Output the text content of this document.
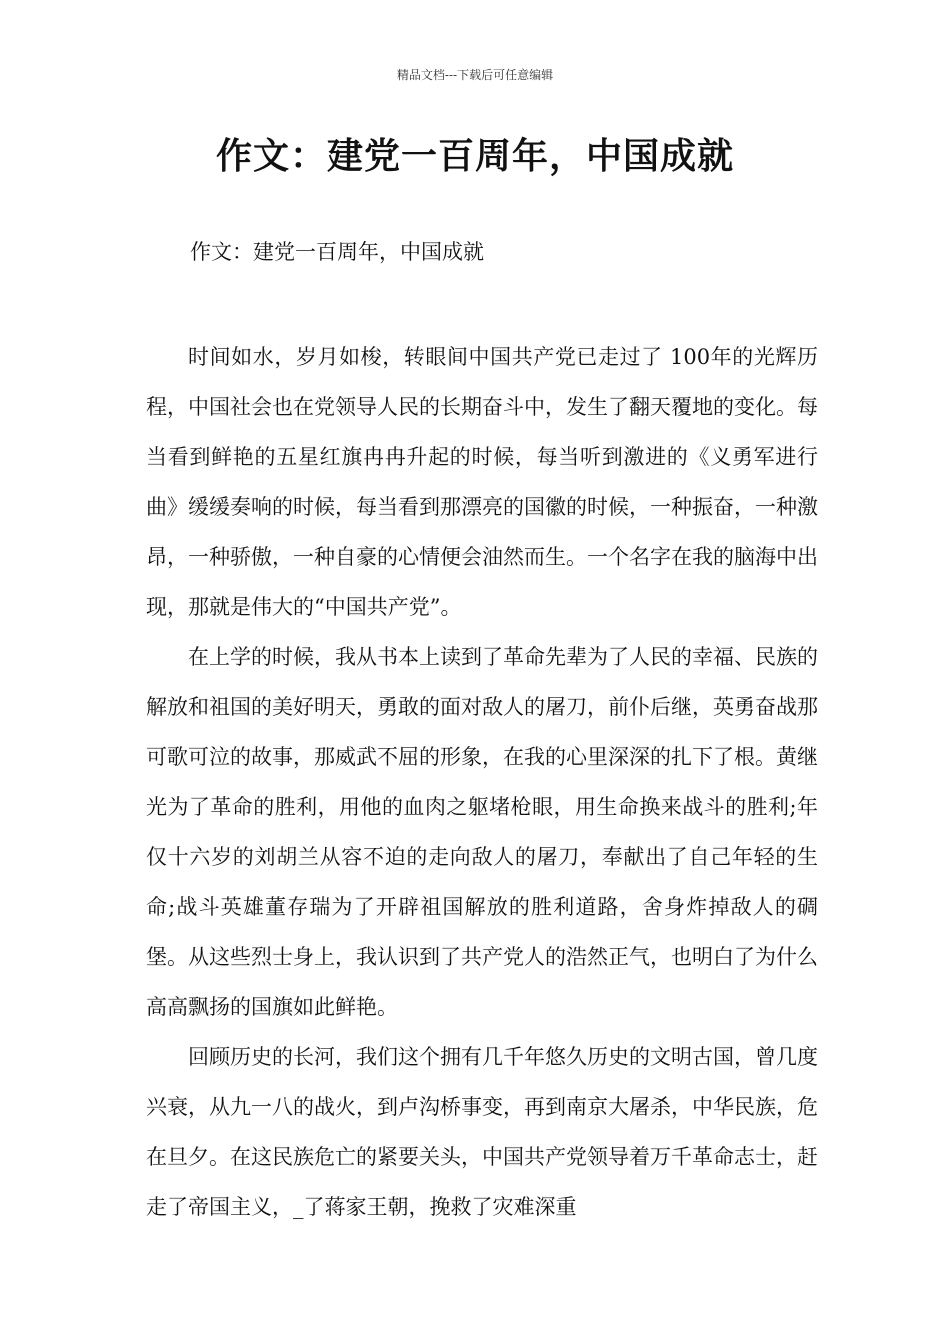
精品文档---下载后可任意编辑
作文：建党一百周年，中国成就

作文：建党一百周年，中国成就

时间如水，岁月如梭，转眼间中国共产党已走过了 100年的光辉历程，中国社会也在党领导人民的长期奋斗中，发生了翻天覆地的变化。每当看到鲜艳的五星红旗冉冉升起的时候，每当听到激进的《义勇军进行曲》缓缓奏响的时候，每当看到那漂亮的国徽的时候，一种振奋，一种激昂，一种骄傲，一种自豪的心情便会油然而生。一个名字在我的脑海中出现，那就是伟大的“中国共产党”。

在上学的时候，我从书本上读到了革命先辈为了人民的幸福、民族的解放和祖国的美好明天，勇敢的面对敌人的屠刀，前仆后继，英勇奋战那可歌可泣的故事，那威武不屈的形象，在我的心里深深的扎下了根。黄继光为了革命的胜利，用他的血肉之躯堵枪眼，用生命换来战斗的胜利;年仅十六岁的刘胡兰从容不迫的走向敌人的屠刀，奉献出了自己年轻的生命;战斗英雄董存瑞为了开辟祖国解放的胜利道路，舍身炸掉敌人的碉堡。从这些烈士身上，我认识到了共产党人的浩然正气，也明白了为什么高高飘扬的国旗如此鲜艳。

回顾历史的长河，我们这个拥有几千年悠久历史的文明古国，曾几度兴衰，从九一八的战火，到卢沟桥事变，再到南京大屠杀，中华民族，危在旦夕。在这民族危亡的紧要关头，中国共产党领导着万千革命志士，赶走了帝国主义，_了蒋家王朝，挽救了灾难深重
